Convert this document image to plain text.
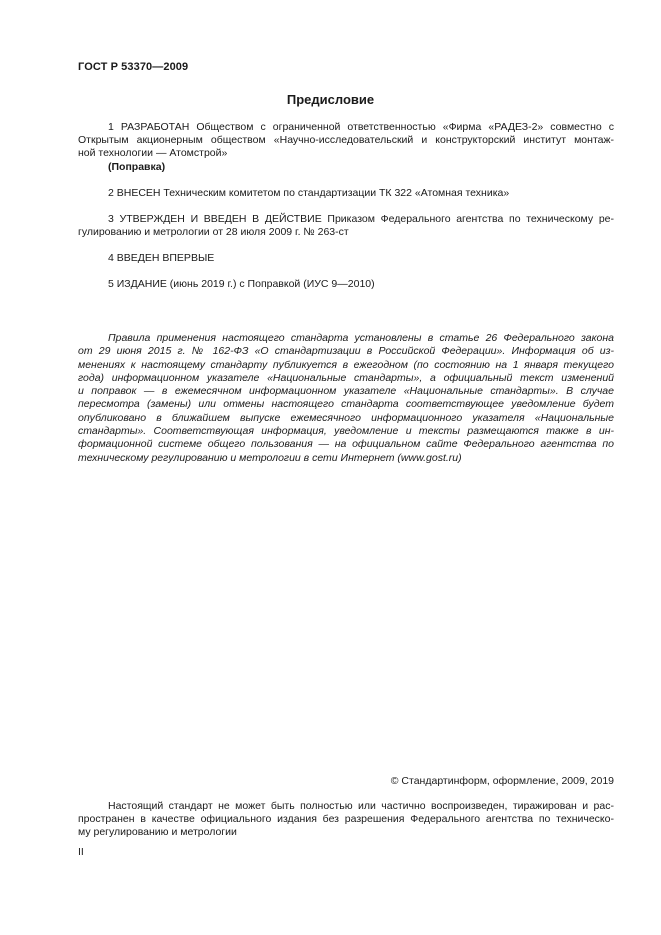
ГОСТ Р 53370—2009
Предисловие
1 РАЗРАБОТАН Обществом с ограниченной ответственностью «Фирма «РАДЕЗ-2» совместно с
Открытым акционерным обществом «Научно-исследовательский и конструкторский институт монтаж-
ной технологии — Атомстрой»
(Поправка)
2 ВНЕСЕН Техническим комитетом по стандартизации ТК 322 «Атомная техника»
3 УТВЕРЖДЕН И ВВЕДЕН В ДЕЙСТВИЕ Приказом Федерального агентства по техническому ре-
гулированию и метрологии от 28 июля 2009 г. № 263-ст
4 ВВЕДЕН ВПЕРВЫЕ
5 ИЗДАНИЕ (июнь 2019 г.) с Поправкой (ИУС 9—2010)
Правила применения настоящего стандарта установлены в статье 26 Федерального закона
от 29 июня 2015 г. № 162-ФЗ «О стандартизации в Российской Федерации». Информация об из-
менениях к настоящему стандарту публикуется в ежегодном (по состоянию на 1 января текущего
года) информационном указателе «Национальные стандарты», а официальный текст изменений
и поправок — в ежемесячном информационном указателе «Национальные стандарты». В случае
пересмотра (замены) или отмены настоящего стандарта соответствующее уведомление будет
опубликовано в ближайшем выпуске ежемесячного информационного указателя «Национальные
стандарты». Соответствующая информация, уведомление и тексты размещаются также в ин-
формационной системе общего пользования — на официальном сайте Федерального агентства по
техническому регулированию и метрологии в сети Интернет (www.gost.ru)
© Стандартинформ, оформление, 2009, 2019
Настоящий стандарт не может быть полностью или частично воспроизведен, тиражирован и рас-
пространен в качестве официального издания без разрешения Федерального агентства по техническо-
му регулированию и метрологии
II
